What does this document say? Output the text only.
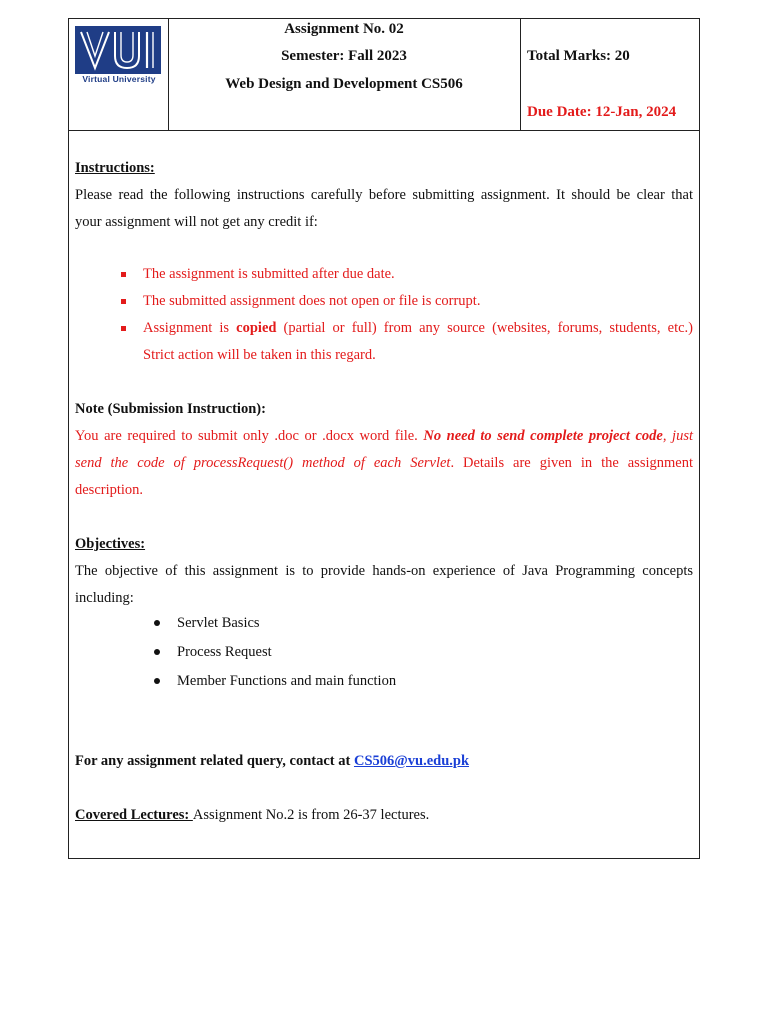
Virtual University
Assignment No. 02
Semester: Fall 2023
Web Design and Development CS506
Total Marks: 20
Due Date: 12-Jan, 2024
Instructions:
Please read the following instructions carefully before submitting assignment. It should be clear that
your assignment will not get any credit if:
The assignment is submitted after due date.
The submitted assignment does not open or file is corrupt.
Assignment is copied (partial or full) from any source (websites, forums, students, etc.)
Strict action will be taken in this regard.
Note (Submission Instruction):
You are required to submit only .doc or .docx word file. No need to send complete project code, just
send the code of processRequest() method of each Servlet. Details are given in the assignment
description.
Objectives:
The objective of this assignment is to provide hands-on experience of Java Programming concepts
including:
Servlet Basics
Process Request
Member Functions and main function
For any assignment related query, contact at CS506@vu.edu.pk
Covered Lectures: Assignment No.2 is from 26-37 lectures.
